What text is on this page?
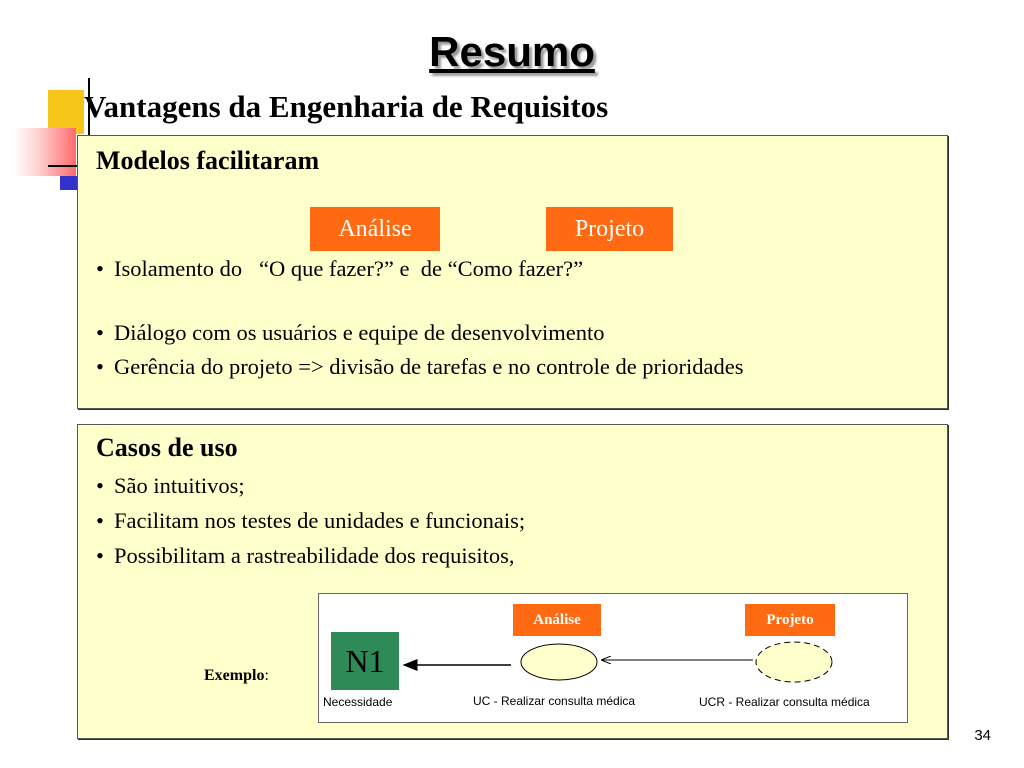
Resumo
Vantagens da Engenharia de Requisitos
Modelos facilitaram
Análise	Projeto
• Isolamento do   “O que fazer?” e  de “Como fazer?”
• Diálogo com os usuários e equipe de desenvolvimento
• Gerência do projeto => divisão de tarefas e no controle de prioridades
Casos de uso
• São intuitivos;
• Facilitam nos testes de unidades e funcionais;
• Possibilitam a rastreabilidade dos requisitos,
Exemplo:
Análise	Projeto
N1
Necessidade	UC - Realizar consulta médica	UCR - Realizar consulta médica
34
